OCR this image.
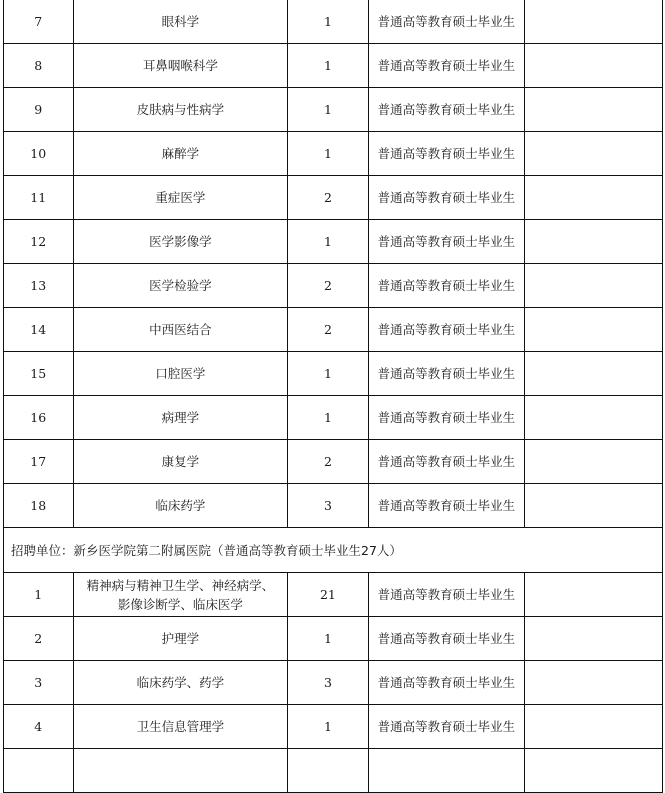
7	眼科学	1	普通高等教育硕士毕业生	
8	耳鼻咽喉科学	1	普通高等教育硕士毕业生	
9	皮肤病与性病学	1	普通高等教育硕士毕业生	
10	麻醉学	1	普通高等教育硕士毕业生	
11	重症医学	2	普通高等教育硕士毕业生	
12	医学影像学	1	普通高等教育硕士毕业生	
13	医学检验学	2	普通高等教育硕士毕业生	
14	中西医结合	2	普通高等教育硕士毕业生	
15	口腔医学	1	普通高等教育硕士毕业生	
16	病理学	1	普通高等教育硕士毕业生	
17	康复学	2	普通高等教育硕士毕业生	
18	临床药学	3	普通高等教育硕士毕业生	
招聘单位：新乡医学院第二附属医院（普通高等教育硕士毕业生27人）				
1	精神病与精神卫生学、神经病学、影像诊断学、临床医学	21	普通高等教育硕士毕业生	
2	护理学	1	普通高等教育硕士毕业生	
3	临床药学、药学	3	普通高等教育硕士毕业生	
4	卫生信息管理学	1	普通高等教育硕士毕业生	
